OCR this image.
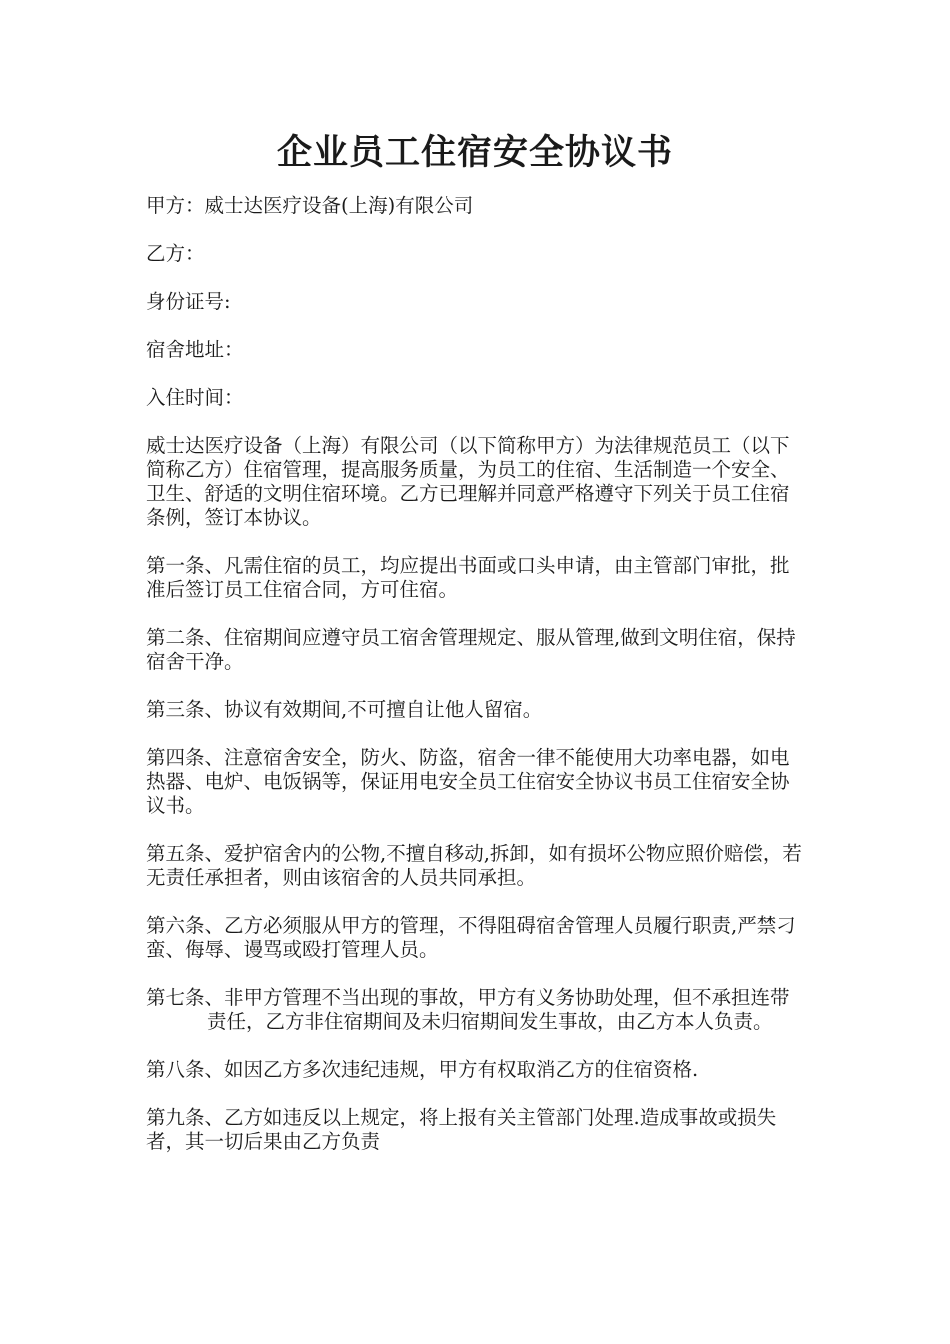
企业员工住宿安全协议书

甲方：威士达医疗设备(上海)有限公司

乙方：

身份证号:

宿舍地址：

入住时间：

威士达医疗设备（上海）有限公司（以下简称甲方）为法律规范员工（以下简称乙方）住宿管理，提高服务质量，为员工的住宿、生活制造一个安全、卫生、舒适的文明住宿环境。乙方已理解并同意严格遵守下列关于员工住宿条例，签订本协议。

第一条、凡需住宿的员工，均应提出书面或口头申请，由主管部门审批，批准后签订员工住宿合同，方可住宿。

第二条、住宿期间应遵守员工宿舍管理规定、服从管理,做到文明住宿，保持宿舍干净。

第三条、协议有效期间,不可擅自让他人留宿。

第四条、注意宿舍安全，防火、防盗，宿舍一律不能使用大功率电器，如电热器、电炉、电饭锅等，保证用电安全员工住宿安全协议书员工住宿安全协议书。

第五条、爱护宿舍内的公物,不擅自移动,拆卸，如有损坏公物应照价赔偿，若无责任承担者，则由该宿舍的人员共同承担。

第六条、乙方必须服从甲方的管理，不得阻碍宿舍管理人员履行职责,严禁刁蛮、侮辱、谩骂或殴打管理人员。

第七条、非甲方管理不当出现的事故，甲方有义务协助处理，但不承担连带责任，乙方非住宿期间及未归宿期间发生事故，由乙方本人负责。

第八条、如因乙方多次违纪违规，甲方有权取消乙方的住宿资格.

第九条、乙方如违反以上规定，将上报有关主管部门处理.造成事故或损失者，其一切后果由乙方负责
